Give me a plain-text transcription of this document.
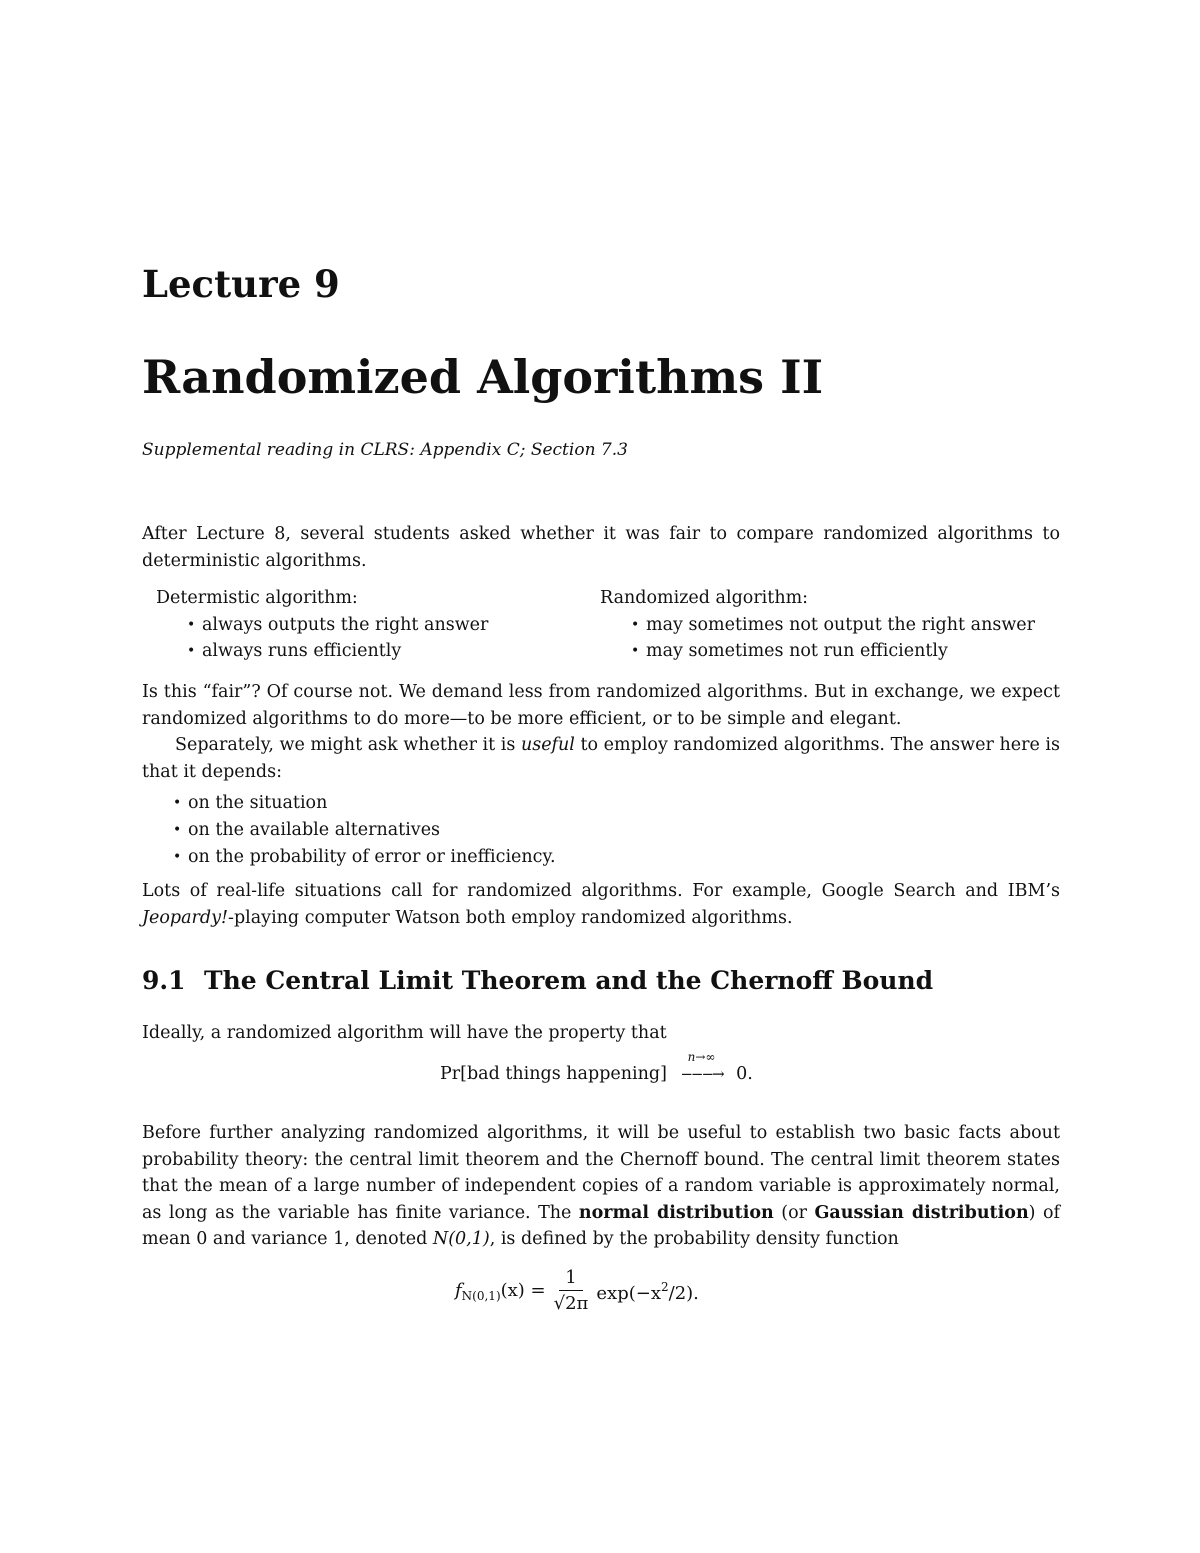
Lecture 9
Randomized Algorithms II

Supplemental reading in CLRS: Appendix C; Section 7.3

After Lecture 8, several students asked whether it was fair to compare randomized algorithms to deterministic algorithms.

Determistic algorithm:
• always outputs the right answer
• always runs efficiently
Randomized algorithm:
• may sometimes not output the right answer
• may sometimes not run efficiently

Is this “fair”? Of course not. We demand less from randomized algorithms. But in exchange, we expect randomized algorithms to do more—to be more efficient, or to be simple and elegant.

Separately, we might ask whether it is useful to employ randomized algorithms. The answer here is that it depends:

• on the situation
• on the available alternatives
• on the probability of error or inefficiency.

Lots of real-life situations call for randomized algorithms. For example, Google Search and IBM’s Jeopardy!-playing computer Watson both employ randomized algorithms.

9.1 The Central Limit Theorem and the Chernoff Bound

Ideally, a randomized algorithm will have the property that

Pr[bad things happening]
n→∞
−−−→ 0.

Before further analyzing randomized algorithms, it will be useful to establish two basic facts about probability theory: the central limit theorem and the Chernoff bound. The central limit theorem states that the mean of a large number of independent copies of a random variable is approximately normal, as long as the variable has finite variance. The normal distribution (or Gaussian distribution) of mean 0 and variance 1, denoted N(0,1), is defined by the probability density function

$f_{N(0,1)}(x) = \frac{1}{√2\pi} \exp(-x^2/2)$.
